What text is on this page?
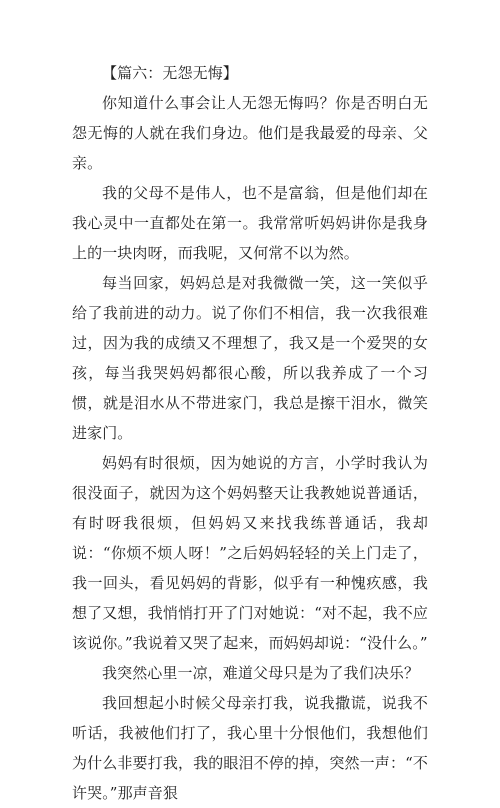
【篇六：无怨无悔】

你知道什么事会让人无怨无悔吗？你是否明白无怨无悔的人就在我们身边。他们是我最爱的母亲、父亲。

我的父母不是伟人，也不是富翁，但是他们却在我心灵中一直都处在第一。我常常听妈妈讲你是我身上的一块肉呀，而我呢，又何常不以为然。

每当回家，妈妈总是对我微微一笑，这一笑似乎给了我前进的动力。说了你们不相信，我一次我很难过，因为我的成绩又不理想了，我又是一个爱哭的女孩，每当我哭妈妈都很心酸，所以我养成了一个习惯，就是泪水从不带进家门，我总是擦干泪水，微笑进家门。

妈妈有时很烦，因为她说的方言，小学时我认为很没面子，就因为这个妈妈整天让我教她说普通话，有时呀我很烦，但妈妈又来找我练普通话，我却说：“你烦不烦人呀！”之后妈妈轻轻的关上门走了，我一回头，看见妈妈的背影，似乎有一种愧疚感，我想了又想，我悄悄打开了门对她说：“对不起，我不应该说你。”我说着又哭了起来，而妈妈却说：“没什么。”

我突然心里一凉，难道父母只是为了我们决乐？

我回想起小时候父母亲打我，说我撒谎，说我不听话，我被他们打了，我心里十分恨他们，我想他们为什么非要打我，我的眼泪不停的掉，突然一声：“不许哭。”那声音狠
